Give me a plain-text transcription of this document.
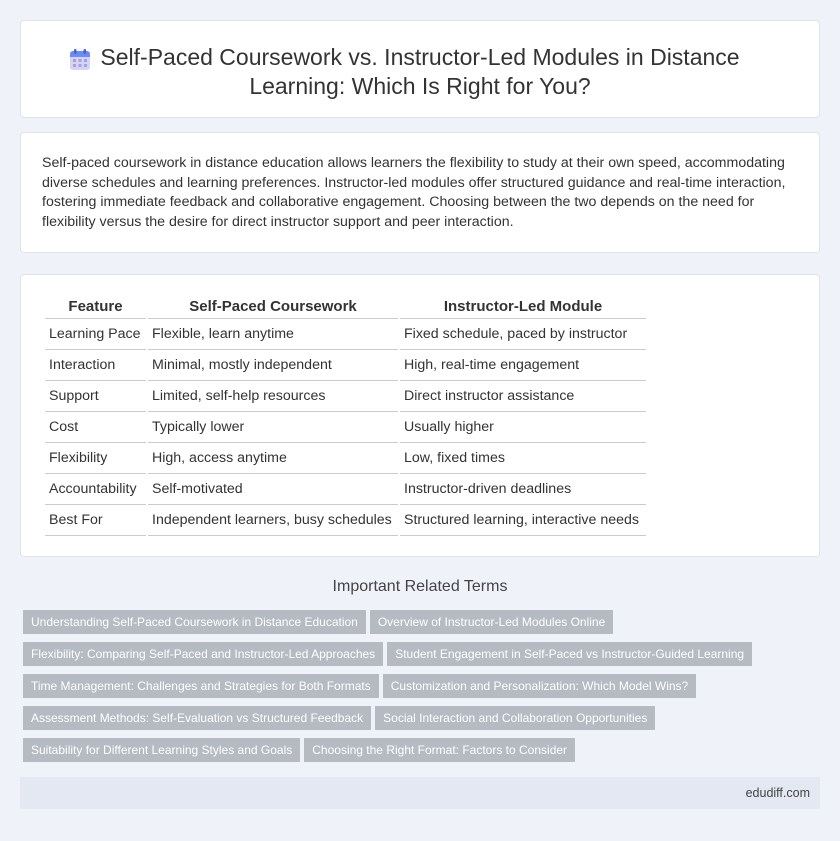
Self-Paced Coursework vs. Instructor-Led Modules in Distance Learning: Which Is Right for You?

Self-paced coursework in distance education allows learners the flexibility to study at their own speed, accommodating diverse schedules and learning preferences. Instructor-led modules offer structured guidance and real-time interaction, fostering immediate feedback and collaborative engagement. Choosing between the two depends on the need for flexibility versus the desire for direct instructor support and peer interaction.

Feature	Self-Paced Coursework	Instructor-Led Module
Learning Pace	Flexible, learn anytime	Fixed schedule, paced by instructor
Interaction	Minimal, mostly independent	High, real-time engagement
Support	Limited, self-help resources	Direct instructor assistance
Cost	Typically lower	Usually higher
Flexibility	High, access anytime	Low, fixed times
Accountability	Self-motivated	Instructor-driven deadlines
Best For	Independent learners, busy schedules	Structured learning, interactive needs
Important Related Terms
Understanding Self-Paced Coursework in Distance Education Overview of Instructor-Led Modules Online
Flexibility: Comparing Self-Paced and Instructor-Led Approaches Student Engagement in Self-Paced vs Instructor-Guided Learning
Time Management: Challenges and Strategies for Both Formats Customization and Personalization: Which Model Wins?
Assessment Methods: Self-Evaluation vs Structured Feedback Social Interaction and Collaboration Opportunities
Suitability for Different Learning Styles and Goals Choosing the Right Format: Factors to Consider
edudiff.com
